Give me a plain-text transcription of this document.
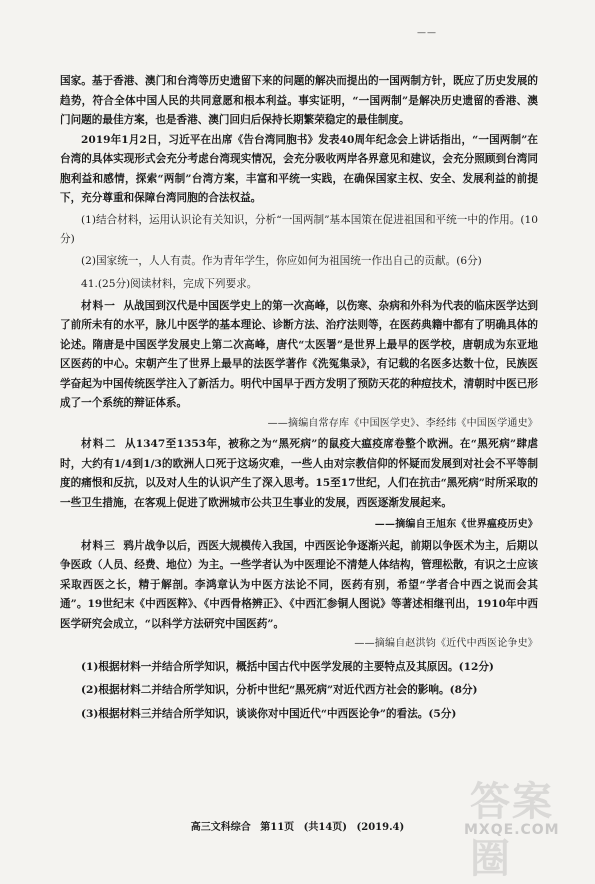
——

国家。基于香港、澳门和台湾等历史遗留下来的问题的解决而提出的一国两制方针，既应了历史发展的趋势，符合全体中国人民的共同意愿和根本利益。事实证明，“一国两制”是解决历史遗留的香港、澳门问题的最佳方案，也是香港、澳门回归后保持长期繁荣稳定的最佳制度。

2019年1月2日，习近平在出席《告台湾同胞书》发表40周年纪念会上讲话指出，“一国两制”在台湾的具体实现形式会充分考虑台湾现实情况，会充分吸收两岸各界意见和建议，会充分照顾到台湾同胞利益和感情，探索“两制”台湾方案，丰富和平统一实践，在确保国家主权、安全、发展利益的前提下，充分尊重和保障台湾同胞的合法权益。

(1)结合材料，运用认识论有关知识，分析“一国两制”基本国策在促进祖国和平统一中的作用。(10分)

(2)国家统一，人人有责。作为青年学生，你应如何为祖国统一作出自己的贡献。(6分)

41.(25分)阅读材料，完成下列要求。

材料一 从战国到汉代是中国医学史上的第一次高峰，以伤寒、杂病和外科为代表的临床医学达到了前所未有的水平，脉儿中医学的基本理论、诊断方法、治疗法则等，在医药典籍中都有了明确具体的论述。隋唐是中国医学发展史上第二次高峰，唐代“太医署”是世界上最早的医学校，唐朝成为东亚地区医药的中心。宋朝产生了世界上最早的法医学著作《洗冤集录》，有记载的名医多达数十位，民族医学奋起为中国传统医学注入了新活力。明代中国早于西方发明了预防天花的种痘技术，清朝时中医已形成了一个系统的辩证体系。

——摘编自常存库《中国医学史》、李经纬《中国医学通史》

材料二 从1347至1353年，被称之为“黑死病”的鼠疫大瘟疫席卷整个欧洲。在“黑死病”肆虐时，大约有1/4到1/3的欧洲人口死于这场灾难，一些人由对宗教信仰的怀疑而发展到对社会不平等制度的痛恨和反抗，以及对人生的认识产生了深入思考。15至17世纪，人们在抗击“黑死病”时所采取的一些卫生措施，在客观上促进了欧洲城市公共卫生事业的发展，西医逐渐发展起来。

——摘编自王旭东《世界瘟疫历史》

材料三 鸦片战争以后，西医大规模传入我国，中西医论争逐渐兴起，前期以争医术为主，后期以争医政（人员、经费、地位）为主。一些学者认为中医理论不清楚人体结构，管理松散，有识之士应该采取西医之长，精于解剖。李鸿章认为中医方法论不同，医药有别，希望“学者合中西之说而会其通”。19世纪末《中西医粹》、《中西骨格辨正》、《中西汇参铜人图说》等著述相继刊出，1910年中西医学研究会成立，“以科学方法研究中国医药”。

——摘编自赵洪钧《近代中西医论争史》

(1)根据材料一并结合所学知识，概括中国古代中医学发展的主要特点及其原因。(12分)

(2)根据材料二并结合所学知识，分析中世纪“黑死病”对近代西方社会的影响。(8分)

(3)根据材料三并结合所学知识，谈谈你对中国近代“中西医论争”的看法。(5分)

高三文科综合 第11页 (共14页) (2019.4)
答案圈
MXQE.COM
